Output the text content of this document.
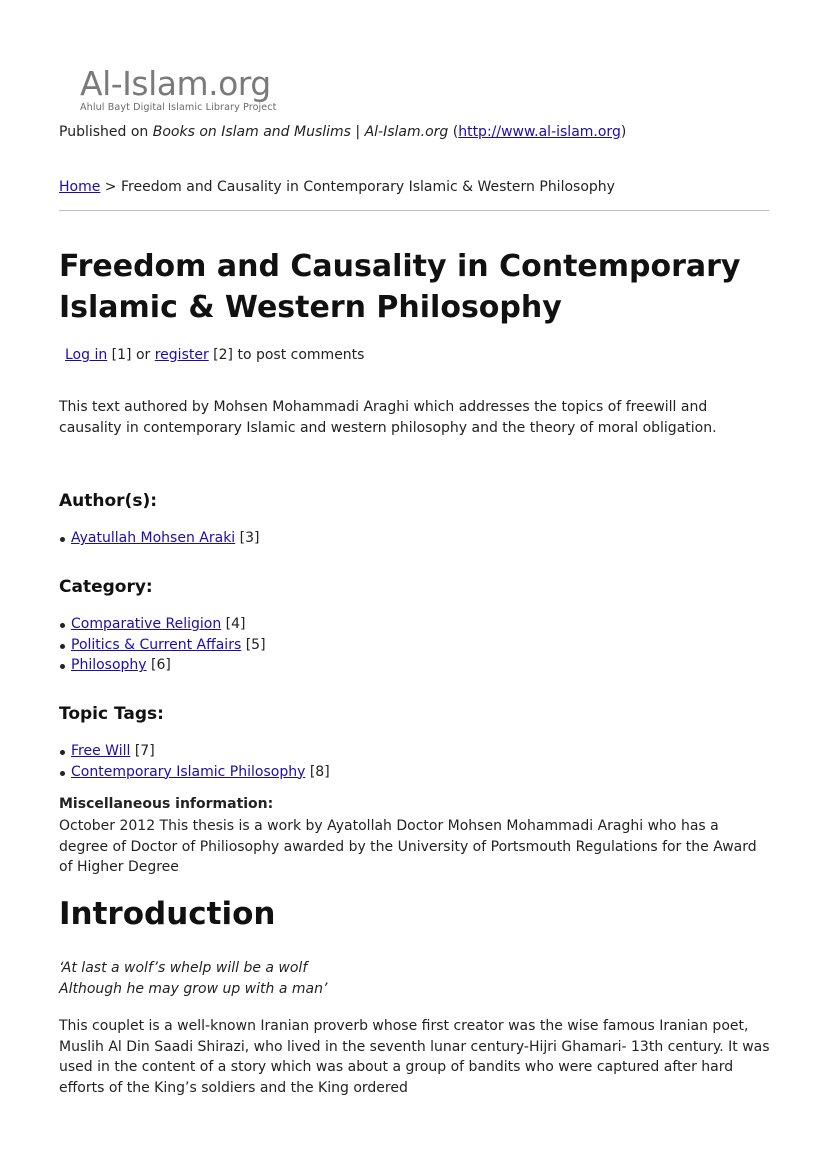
Al-Islam.org
Ahlul Bayt Digital Islamic Library Project
Published on Books on Islam and Muslims | Al-Islam.org (http://www.al-islam.org)
Home > Freedom and Causality in Contemporary Islamic & Western Philosophy
Freedom and Causality in Contemporary Islamic & Western Philosophy
Log in [1] or register [2] to post comments

This text authored by Mohsen Mohammadi Araghi which addresses the topics of freewill and causality in contemporary Islamic and western philosophy and the theory of moral obligation.

Author(s):
Ayatullah Mohsen Araki [3]
Category:
Comparative Religion [4]
Politics & Current Affairs [5]
Philosophy [6]
Topic Tags:
Free Will [7]
Contemporary Islamic Philosophy [8]
Miscellaneous information:

October 2012 This thesis is a work by Ayatollah Doctor Mohsen Mohammadi Araghi who has a degree of Doctor of Philiosophy awarded by the University of Portsmouth Regulations for the Award of Higher Degree

Introduction
‘At last a wolf’s whelp will be a wolf
Although he may grow up with a man’

This couplet is a well-known Iranian proverb whose first creator was the wise famous Iranian poet, Muslih Al Din Saadi Shirazi, who lived in the seventh lunar century-Hijri Ghamari- 13th century. It was used in the content of a story which was about a group of bandits who were captured after hard efforts of the King’s soldiers and the King ordered
